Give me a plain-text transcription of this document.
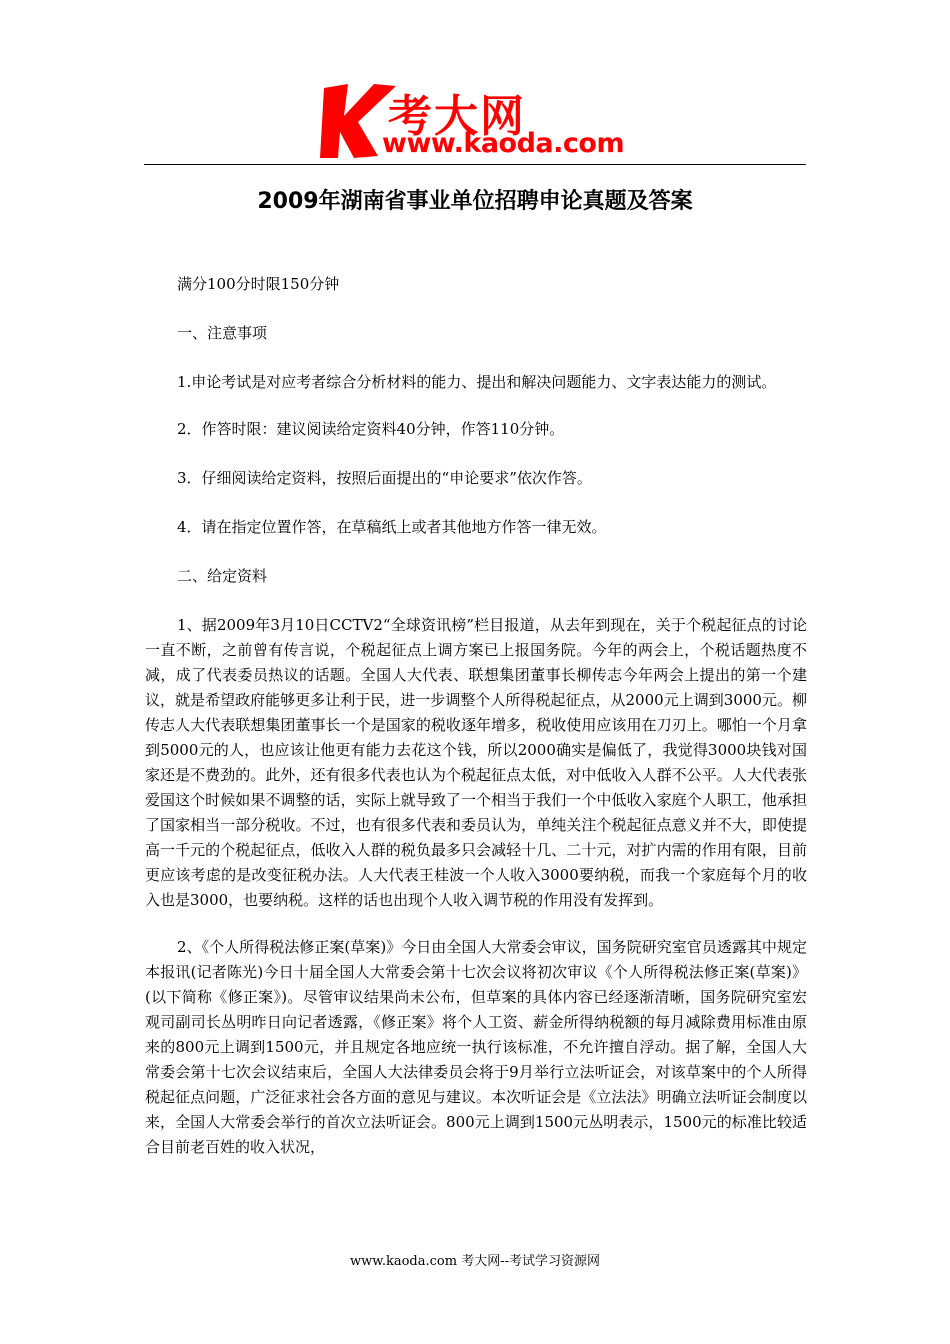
考大网
www.kaoda.com
2009年湖南省事业单位招聘申论真题及答案

满分100分时限150分钟

一、注意事项

1.申论考试是对应考者综合分析材料的能力、提出和解决问题能力、文字表达能力的测试。

2．作答时限：建议阅读给定资料40分钟，作答110分钟。

3．仔细阅读给定资料，按照后面提出的“申论要求”依次作答。

4．请在指定位置作答，在草稿纸上或者其他地方作答一律无效。

二、给定资料

1、据2009年3月10日CCTV2“全球资讯榜”栏目报道，从去年到现在，关于个税起征点的讨论一直不断，之前曾有传言说，个税起征点上调方案已上报国务院。今年的两会上，个税话题热度不减，成了代表委员热议的话题。全国人大代表、联想集团董事长柳传志今年两会上提出的第一个建议，就是希望政府能够更多让利于民，进一步调整个人所得税起征点，从2000元上调到3000元。柳传志人大代表联想集团董事长一个是国家的税收逐年增多，税收使用应该用在刀刃上。哪怕一个月拿到5000元的人，也应该让他更有能力去花这个钱，所以2000确实是偏低了，我觉得3000块钱对国家还是不费劲的。此外，还有很多代表也认为个税起征点太低，对中低收入人群不公平。人大代表张爱国这个时候如果不调整的话，实际上就导致了一个相当于我们一个中低收入家庭个人职工，他承担了国家相当一部分税收。不过，也有很多代表和委员认为，单纯关注个税起征点意义并不大，即使提高一千元的个税起征点，低收入人群的税负最多只会减轻十几、二十元，对扩内需的作用有限，目前更应该考虑的是改变征税办法。人大代表王桂波一个人收入3000要纳税，而我一个家庭每个月的收入也是3000，也要纳税。这样的话也出现个人收入调节税的作用没有发挥到。

2、《个人所得税法修正案(草案)》今日由全国人大常委会审议，国务院研究室官员透露其中规定本报讯(记者陈光)今日十届全国人大常委会第十七次会议将初次审议《个人所得税法修正案(草案)》(以下简称《修正案》)。尽管审议结果尚未公布，但草案的具体内容已经逐渐清晰，国务院研究室宏观司副司长丛明昨日向记者透露，《修正案》将个人工资、薪金所得纳税额的每月减除费用标准由原来的800元上调到1500元，并且规定各地应统一执行该标准，不允许擅自浮动。据了解，全国人大常委会第十七次会议结束后，全国人大法律委员会将于9月举行立法听证会，对该草案中的个人所得税起征点问题，广泛征求社会各方面的意见与建议。本次听证会是《立法法》明确立法听证会制度以来，全国人大常委会举行的首次立法听证会。800元上调到1500元丛明表示，1500元的标准比较适合目前老百姓的收入状况，

www.kaoda.com 考大网--考试学习资源网
